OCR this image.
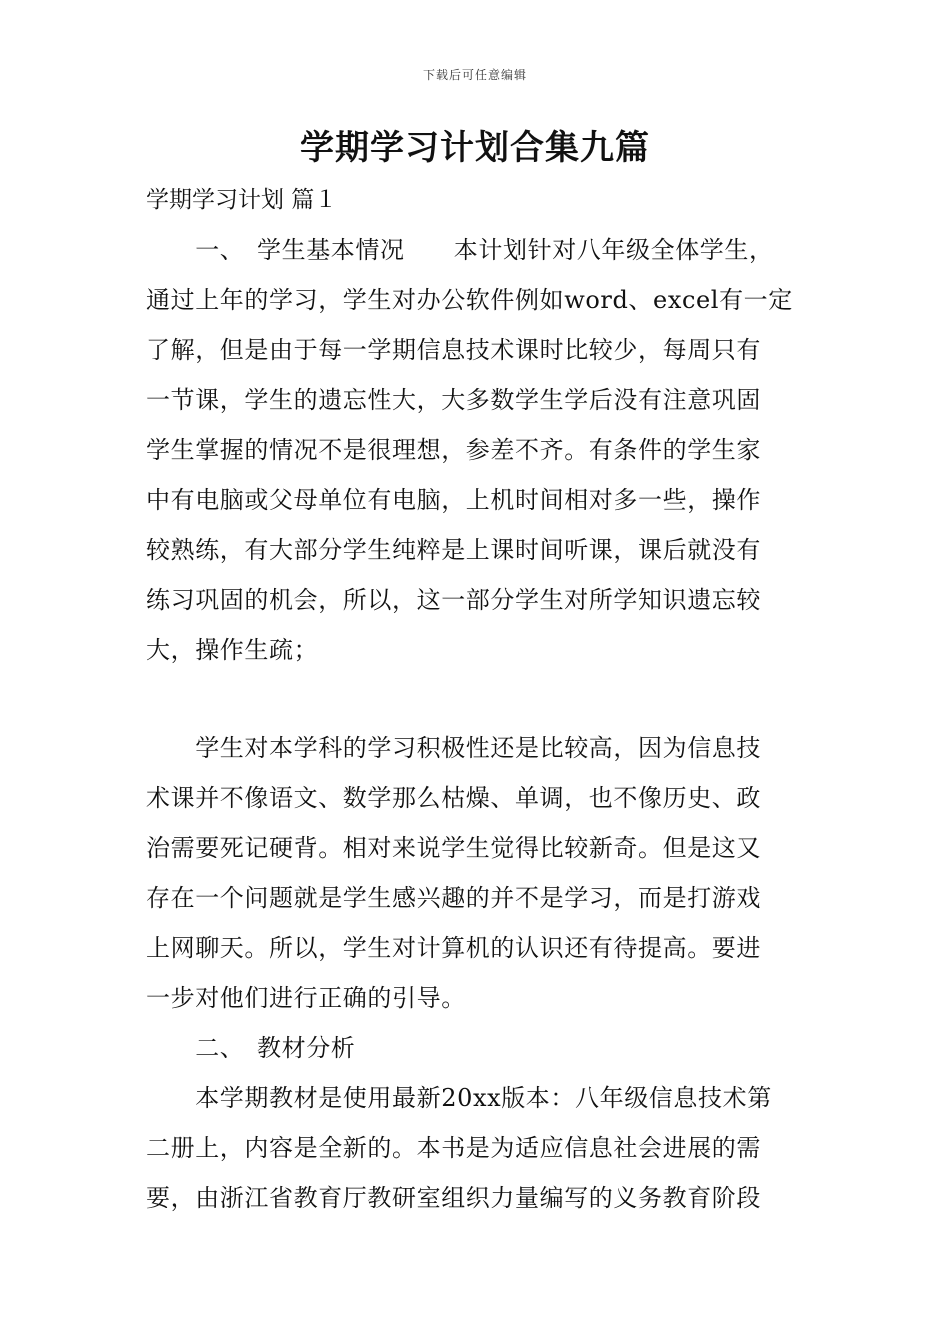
下载后可任意编辑
学期学习计划合集九篇
学期学习计划 篇１
　　一、　学生基本情况　　本计划针对八年级全体学生，
通过上年的学习，学生对办公软件例如word、excel有一定
了解，但是由于每一学期信息技术课时比较少，每周只有
一节课，学生的遗忘性大，大多数学生学后没有注意巩固
学生掌握的情况不是很理想，参差不齐。有条件的学生家
中有电脑或父母单位有电脑，上机时间相对多一些，操作
较熟练，有大部分学生纯粹是上课时间听课，课后就没有
练习巩固的机会，所以，这一部分学生对所学知识遗忘较
大，操作生疏；
　　学生对本学科的学习积极性还是比较高，因为信息技
术课并不像语文、数学那么枯燥、单调，也不像历史、政
治需要死记硬背。相对来说学生觉得比较新奇。但是这又
存在一个问题就是学生感兴趣的并不是学习，而是打游戏
上网聊天。所以，学生对计算机的认识还有待提高。要进
一步对他们进行正确的引导。
　　二、　教材分析
　　本学期教材是使用最新20xx版本：八年级信息技术第
二册上，内容是全新的。本书是为适应信息社会进展的需
要，由浙江省教育厅教研室组织力量编写的义务教育阶段
